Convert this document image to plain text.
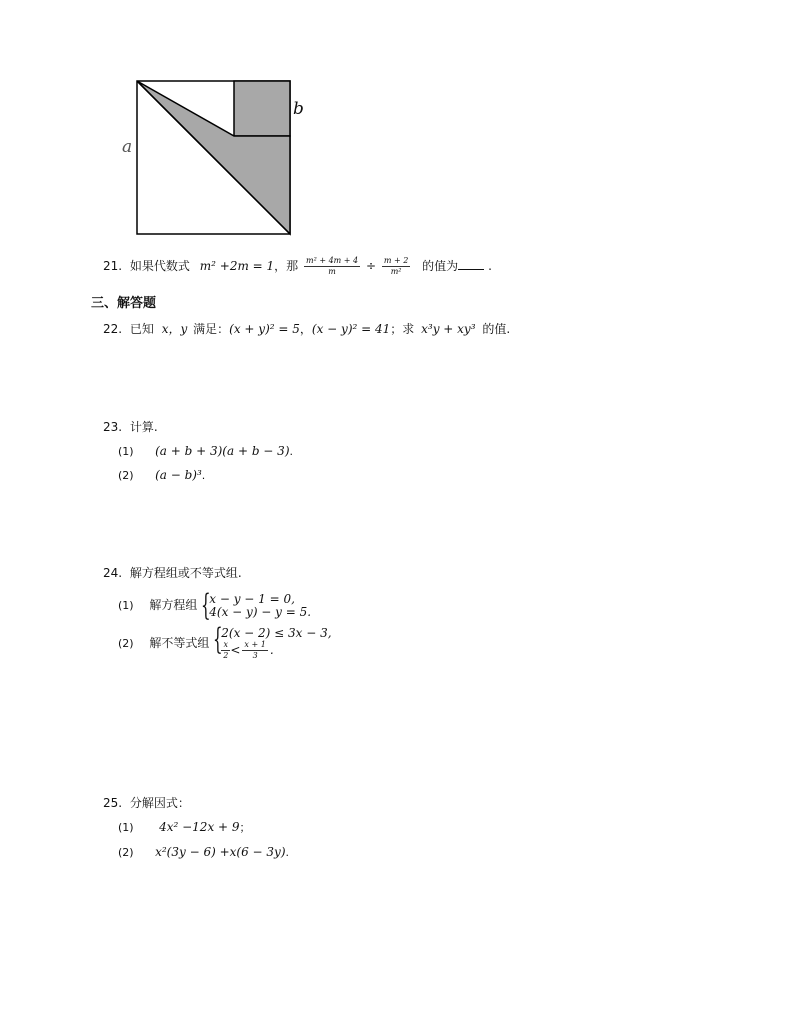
a
b
21. 如果代数式 m² +2m = 1，那 $\frac{\text{m² + 4m + 4}}{m} \div \frac{m + 2}{\text{m²}}$ 的值为	.
三、解答题
22. 已知 x，y 满足：(x + y)² = 5，(x − y)² = 41；求 x³y + xy³ 的值.
23. 计算.
(1) (a + b + 3)(a + b − 3).
(2) (a − b)³.
24. 解方程组或不等式组.
(1) 解方程组 {
x − y − 1 = 0,
4(x − y) − y = 5.
(2) 解不等式组 {
2(x − 2) ≤ 3x − 3,
$\frac{x}{2} < \frac{x + 1}{3}$ .
25. 分解因式：
(1) 4x² −12x + 9；
(2) x²(3y − 6) +x(6 − 3y).
